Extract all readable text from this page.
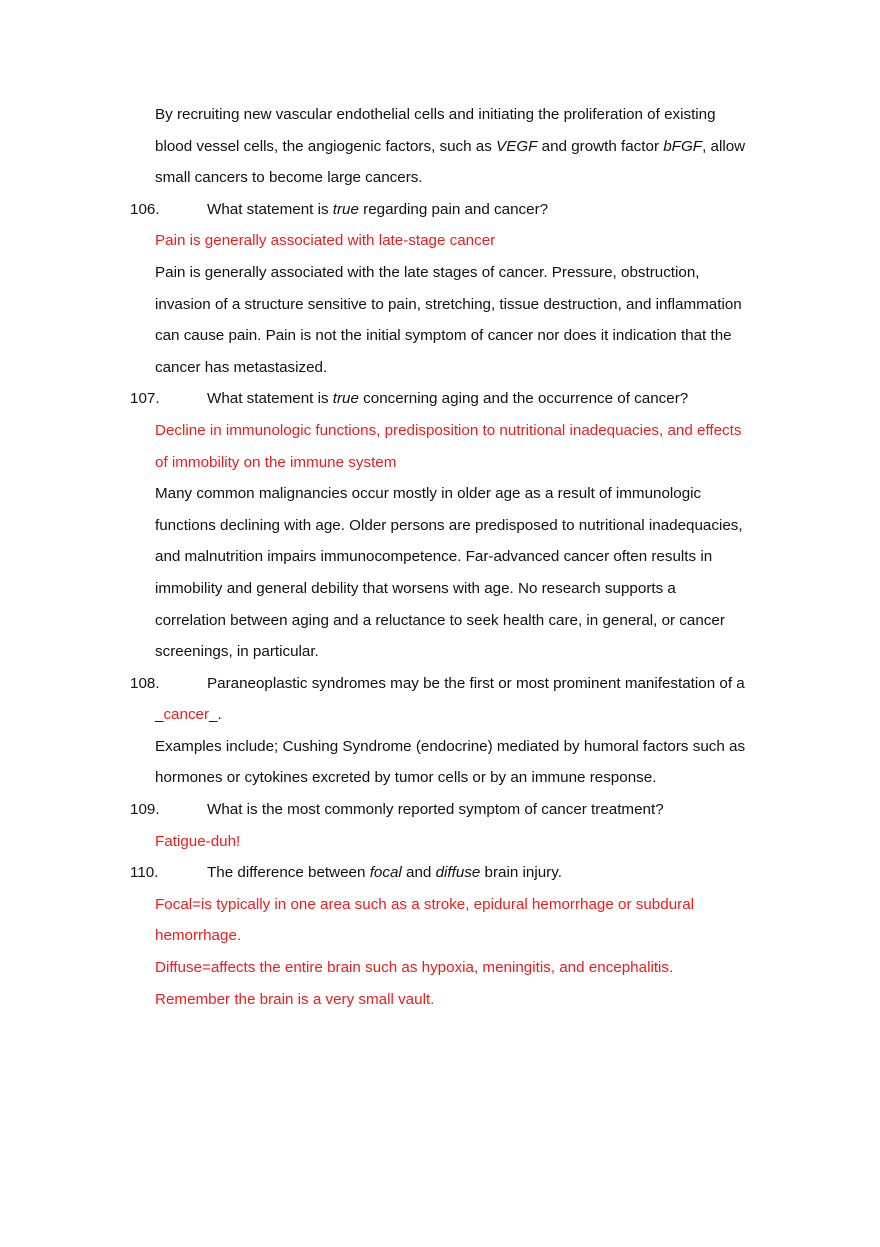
By recruiting new vascular endothelial cells and initiating the proliferation of existing
blood vessel cells, the angiogenic factors, such as VEGF and growth factor bFGF, allow
small cancers to become large cancers.
106.	What statement is true regarding pain and cancer?
Pain is generally associated with late-stage cancer
Pain is generally associated with the late stages of cancer. Pressure, obstruction,
invasion of a structure sensitive to pain, stretching, tissue destruction, and inflammation
can cause pain. Pain is not the initial symptom of cancer nor does it indication that the
cancer has metastasized.
107.	What statement is true concerning aging and the occurrence of cancer?
Decline in immunologic functions, predisposition to nutritional inadequacies, and effects
of immobility on the immune system
Many common malignancies occur mostly in older age as a result of immunologic
functions declining with age. Older persons are predisposed to nutritional inadequacies,
and malnutrition impairs immunocompetence. Far-advanced cancer often results in
immobility and general debility that worsens with age. No research supports a
correlation between aging and a reluctance to seek health care, in general, or cancer
screenings, in particular.
108.	Paraneoplastic syndromes may be the first or most prominent manifestation of a
_cancer_.
Examples include; Cushing Syndrome (endocrine) mediated by humoral factors such as
hormones or cytokines excreted by tumor cells or by an immune response.
109.	What is the most commonly reported symptom of cancer treatment?
Fatigue-duh!
110.	The difference between focal and diffuse brain injury.
Focal=is typically in one area such as a stroke, epidural hemorrhage or subdural
hemorrhage.
Diffuse=affects the entire brain such as hypoxia, meningitis, and encephalitis.
Remember the brain is a very small vault.
